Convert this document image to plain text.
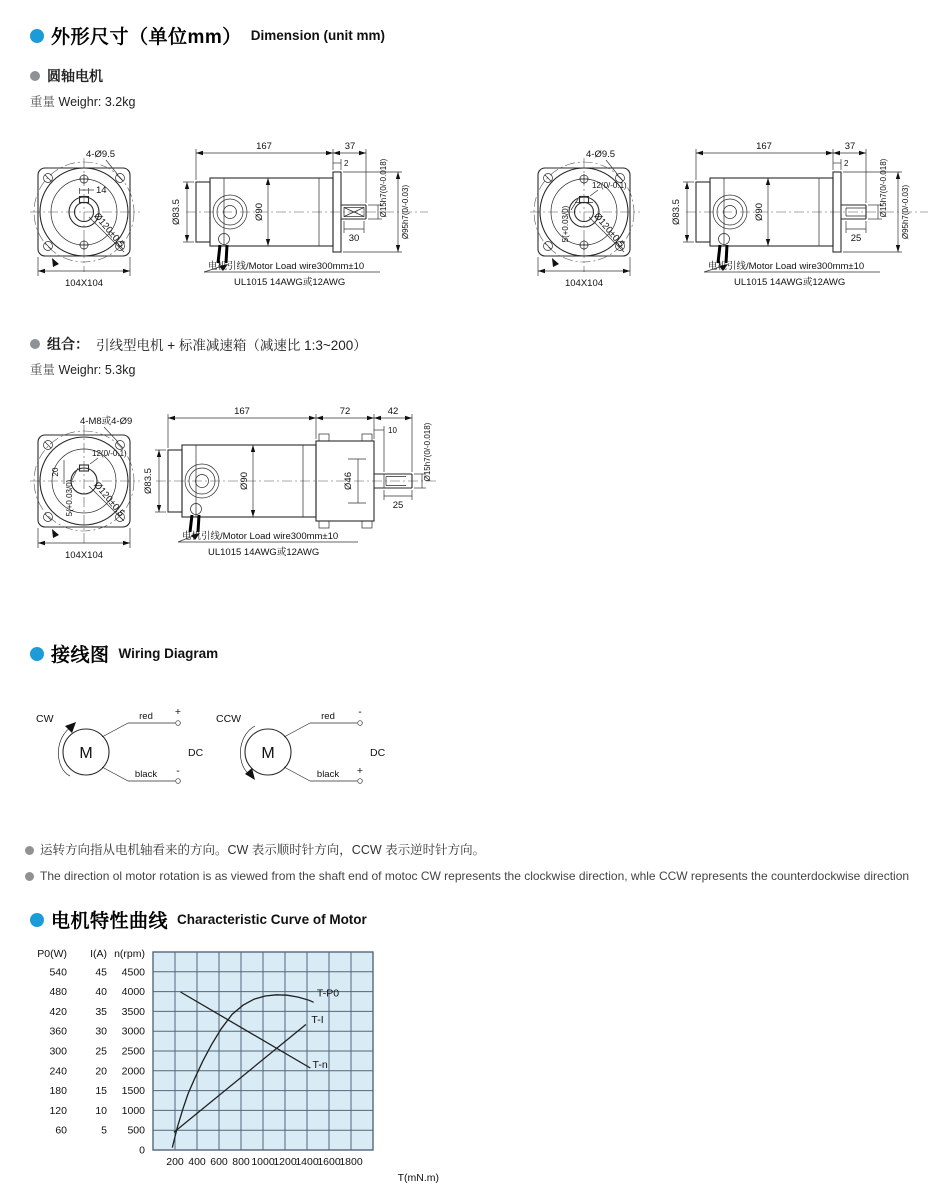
外形尺寸（单位mm） Dimension (unit mm)
圆轴电机
重量 Weighr: 3.2kg
4-Ø9.5
14
Ø120±0.5
104X104
167	37
2
Ø83.5	Ø90
30
Ø15h7(0/-0.018) Ø95h7(0/-0.03)
电机引线/Motor Load wire300mm±10
UL1015 14AWG或12AWG
4-Ø9.5
12(0/-0.1)
5(+0.03/0) Ø120±0.5
104X104
167	37
2
Ø83.5	Ø90
25
Ø15h7(0/-0.018) Ø95h7(0/-0.03)
电机引线/Motor Load wire300mm±10
UL1015 14AWG或12AWG
组合： 引线型电机 + 标准减速箱（减速比 1:3~200）
重量 Weighr: 5.3kg
4-M8或4-Ø9
12(0/-0.1)
20
5(+0.03/0) Ø120±0.5
104X104
167	72	42
10
Ø46
Ø83.5	Ø90
25
Ø15h7(0/-0.018)
电机引线/Motor Load wire300mm±10
UL1015 14AWG或12AWG
接线图 Wiring Diagram
CW
M
red +
black -
DC
CCW
M
red -
black +
DC

运转方向指从电机轴看来的方向。CW 表示顺时针方向，CCW 表示逆时针方向。

The direction ol motor rotation is as viewed from the shaft end of motoc CW represents the clockwise direction, whle CCW represents the counterdockwise direction

电机特性曲线 Characteristic Curve of Motor
P0(W)
540
480
420
360
300
240
180
120
60
I(A)
45
40
35
30
25
20
15
10
5
n(rpm)
4500
4000
3500
3000
2500
2000
1500
1000
500
0
200 400 600 800 1000
1200
1400
1600
1800
T(mN.m)
T-n
T-I
T-P0
